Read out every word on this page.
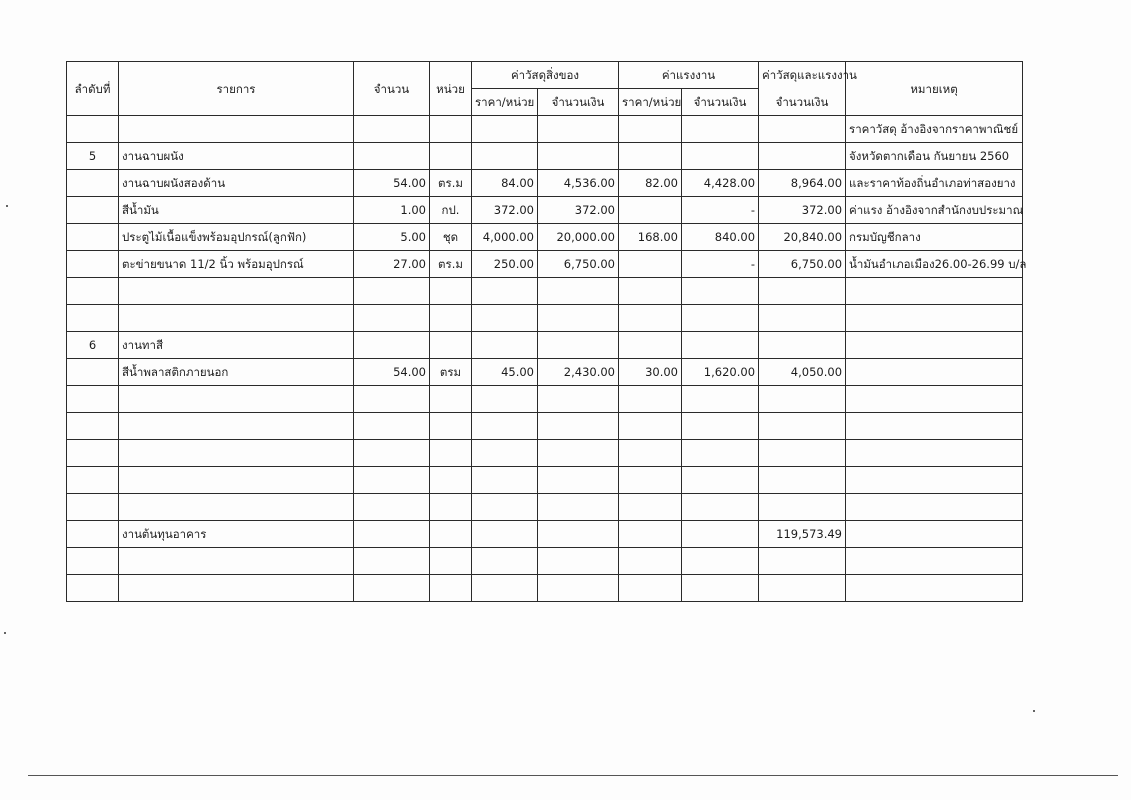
ลำดับที่	รายการ	จำนวน	หน่วย	ค่าวัสดุสิ่งของ		ค่าแรงงาน		ค่าวัสดุและแรงงาน	หมายเหตุ
				ราคา/หน่วย	จำนวนเงิน	ราคา/หน่วย	จำนวนเงิน	จำนวนเงิน	
									ราคาวัสดุ อ้างอิงจากราคาพาณิชย์
5	งานฉาบผนัง								จังหวัดตากเดือน กันยายน 2560
	งานฉาบผนังสองด้าน	54.00	ตร.ม	84.00	4,536.00	82.00	4,428.00	8,964.00	และราคาท้องถิ่นอำเภอท่าสองยาง
	สีน้ำมัน	1.00	กป.	372.00	372.00		-	372.00	ค่าแรง อ้างอิงจากสำนักงบประมาณ
	ประตูไม้เนื้อแข็งพร้อมอุปกรณ์(ลูกฟัก)	5.00	ชุด	4,000.00	20,000.00	168.00	840.00	20,840.00	กรมบัญชีกลาง
	ตะข่ายขนาด 11/2 นิ้ว พร้อมอุปกรณ์	27.00	ตร.ม	250.00	6,750.00		-	6,750.00	น้ำมันอำเภอเมือง26.00-26.99 บ/ล

6	งานทาสี								
	สีน้ำพลาสติกภายนอก	54.00	ตรม	45.00	2,430.00	30.00	1,620.00	4,050.00	

	งานต้นทุนอาคาร							119,573.49	
